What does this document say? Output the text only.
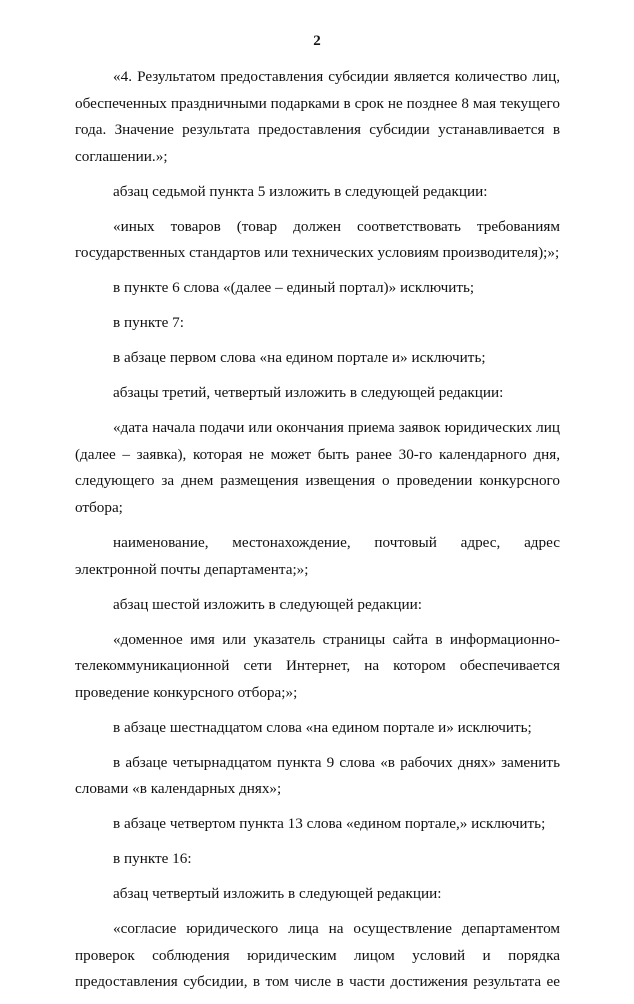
2

«4. Результатом предоставления субсидии является количество лиц, обеспеченных праздничными подарками в срок не позднее 8 мая текущего года. Значение результата предоставления субсидии устанавливается в соглашении.»;

абзац седьмой пункта 5 изложить в следующей редакции:

«иных товаров (товар должен соответствовать требованиям государственных стандартов или технических условиям производителя);»;

в пункте 6 слова «(далее – единый портал)» исключить;

в пункте 7:

в абзаце первом слова «на едином портале и» исключить;

абзацы третий, четвертый изложить в следующей редакции:

«дата начала подачи или окончания приема заявок юридических лиц (далее – заявка), которая не может быть ранее 30-го календарного дня, следующего за днем размещения извещения о проведении конкурсного отбора;

наименование, местонахождение, почтовый адрес, адрес электронной почты департамента;»;

абзац шестой изложить в следующей редакции:

«доменное имя или указатель страницы сайта в информационно-телекоммуникационной сети Интернет, на котором обеспечивается проведение конкурсного отбора;»;

в абзаце шестнадцатом слова «на едином портале и» исключить;

в абзаце четырнадцатом пункта 9 слова «в рабочих днях» заменить словами «в календарных днях»;

в абзаце четвертом пункта 13 слова «едином портале,» исключить;

в пункте 16:

абзац четвертый изложить в следующей редакции:

«согласие юридического лица на осуществление департаментом проверок соблюдения юридическим лицом условий и порядка предоставления субсидии, в том числе в части достижения результата ее
